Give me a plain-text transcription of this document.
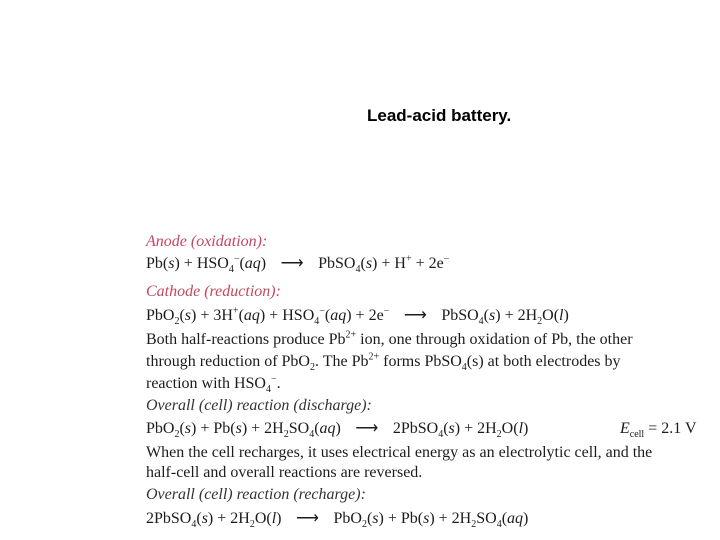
Lead-acid battery.
Anode (oxidation):
$Pb(s) + HSO_4^-(aq)$ ⟶ PbSO$_4$(s) + H+ + 2e−
Cathode (reduction):
$PbO_2(s) + 3H^+(aq) + HSO_4^-(aq) + 2e^-$ ⟶ PbSO$_4$(s) + $2H_2O(l)$
Both half-reactions produce $Pb^{2+}$ ion, one through oxidation of Pb, the other
through reduction of PbO$_2$. The $Pb^{2+}$ forms PbSO$_4$(s) at both electrodes by
reaction with $HSO_4^-$.
Overall (cell) reaction (discharge):
$PbO_2(s) + Pb(s) + 2H_2SO_4(aq)$ ⟶ 2PbSO$_4$(s) + $2H_2O(l)$	$E_{cell} = 2.1$ V
When the cell recharges, it uses electrical energy as an electrolytic cell, and the
half-cell and overall reactions are reversed.
Overall (cell) reaction (recharge):
2PbSO$_4$(s) + $2H_2O(l)$ ⟶ $PbO_2(s) + Pb(s) + 2H_2SO_4(aq)$
